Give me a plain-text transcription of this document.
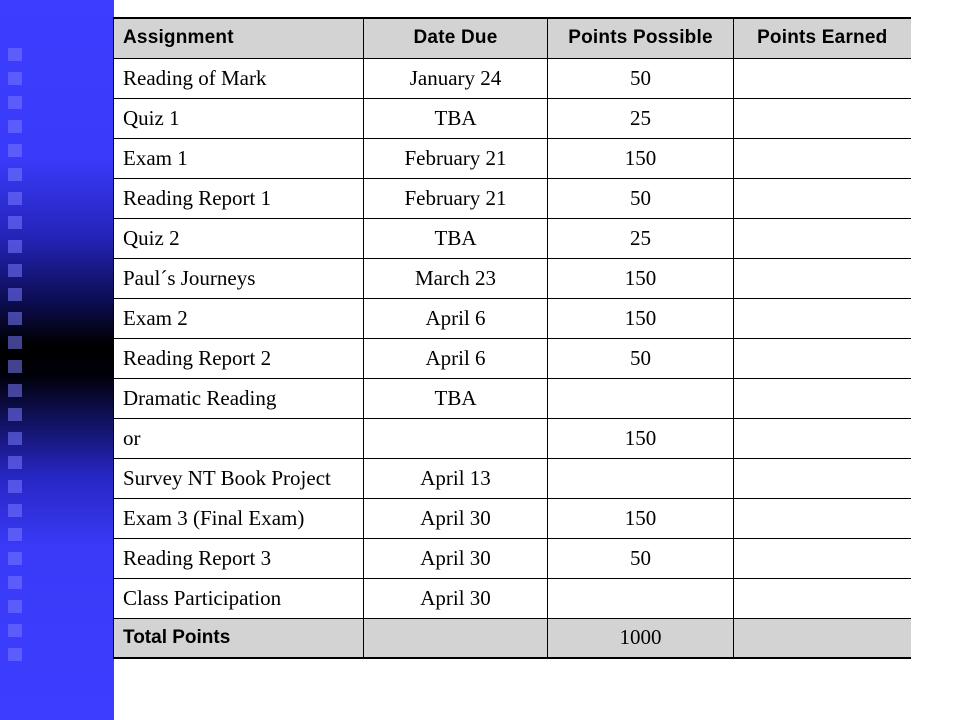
Assignment	Date Due	Points Possible	Points Earned
Reading of Mark	January 24	50	
Quiz 1	TBA	25	
Exam 1	February 21	150	
Reading Report 1	February 21	50	
Quiz 2	TBA	25	
Paul´s Journeys	March 23	150	
Exam 2	April 6	150	
Reading Report 2	April 6	50	
Dramatic Reading	TBA		
or		150	
Survey NT Book Project	April 13		
Exam 3 (Final Exam)	April 30	150	
Reading Report 3	April 30	50	
Class Participation	April 30		
Total Points		1000	
